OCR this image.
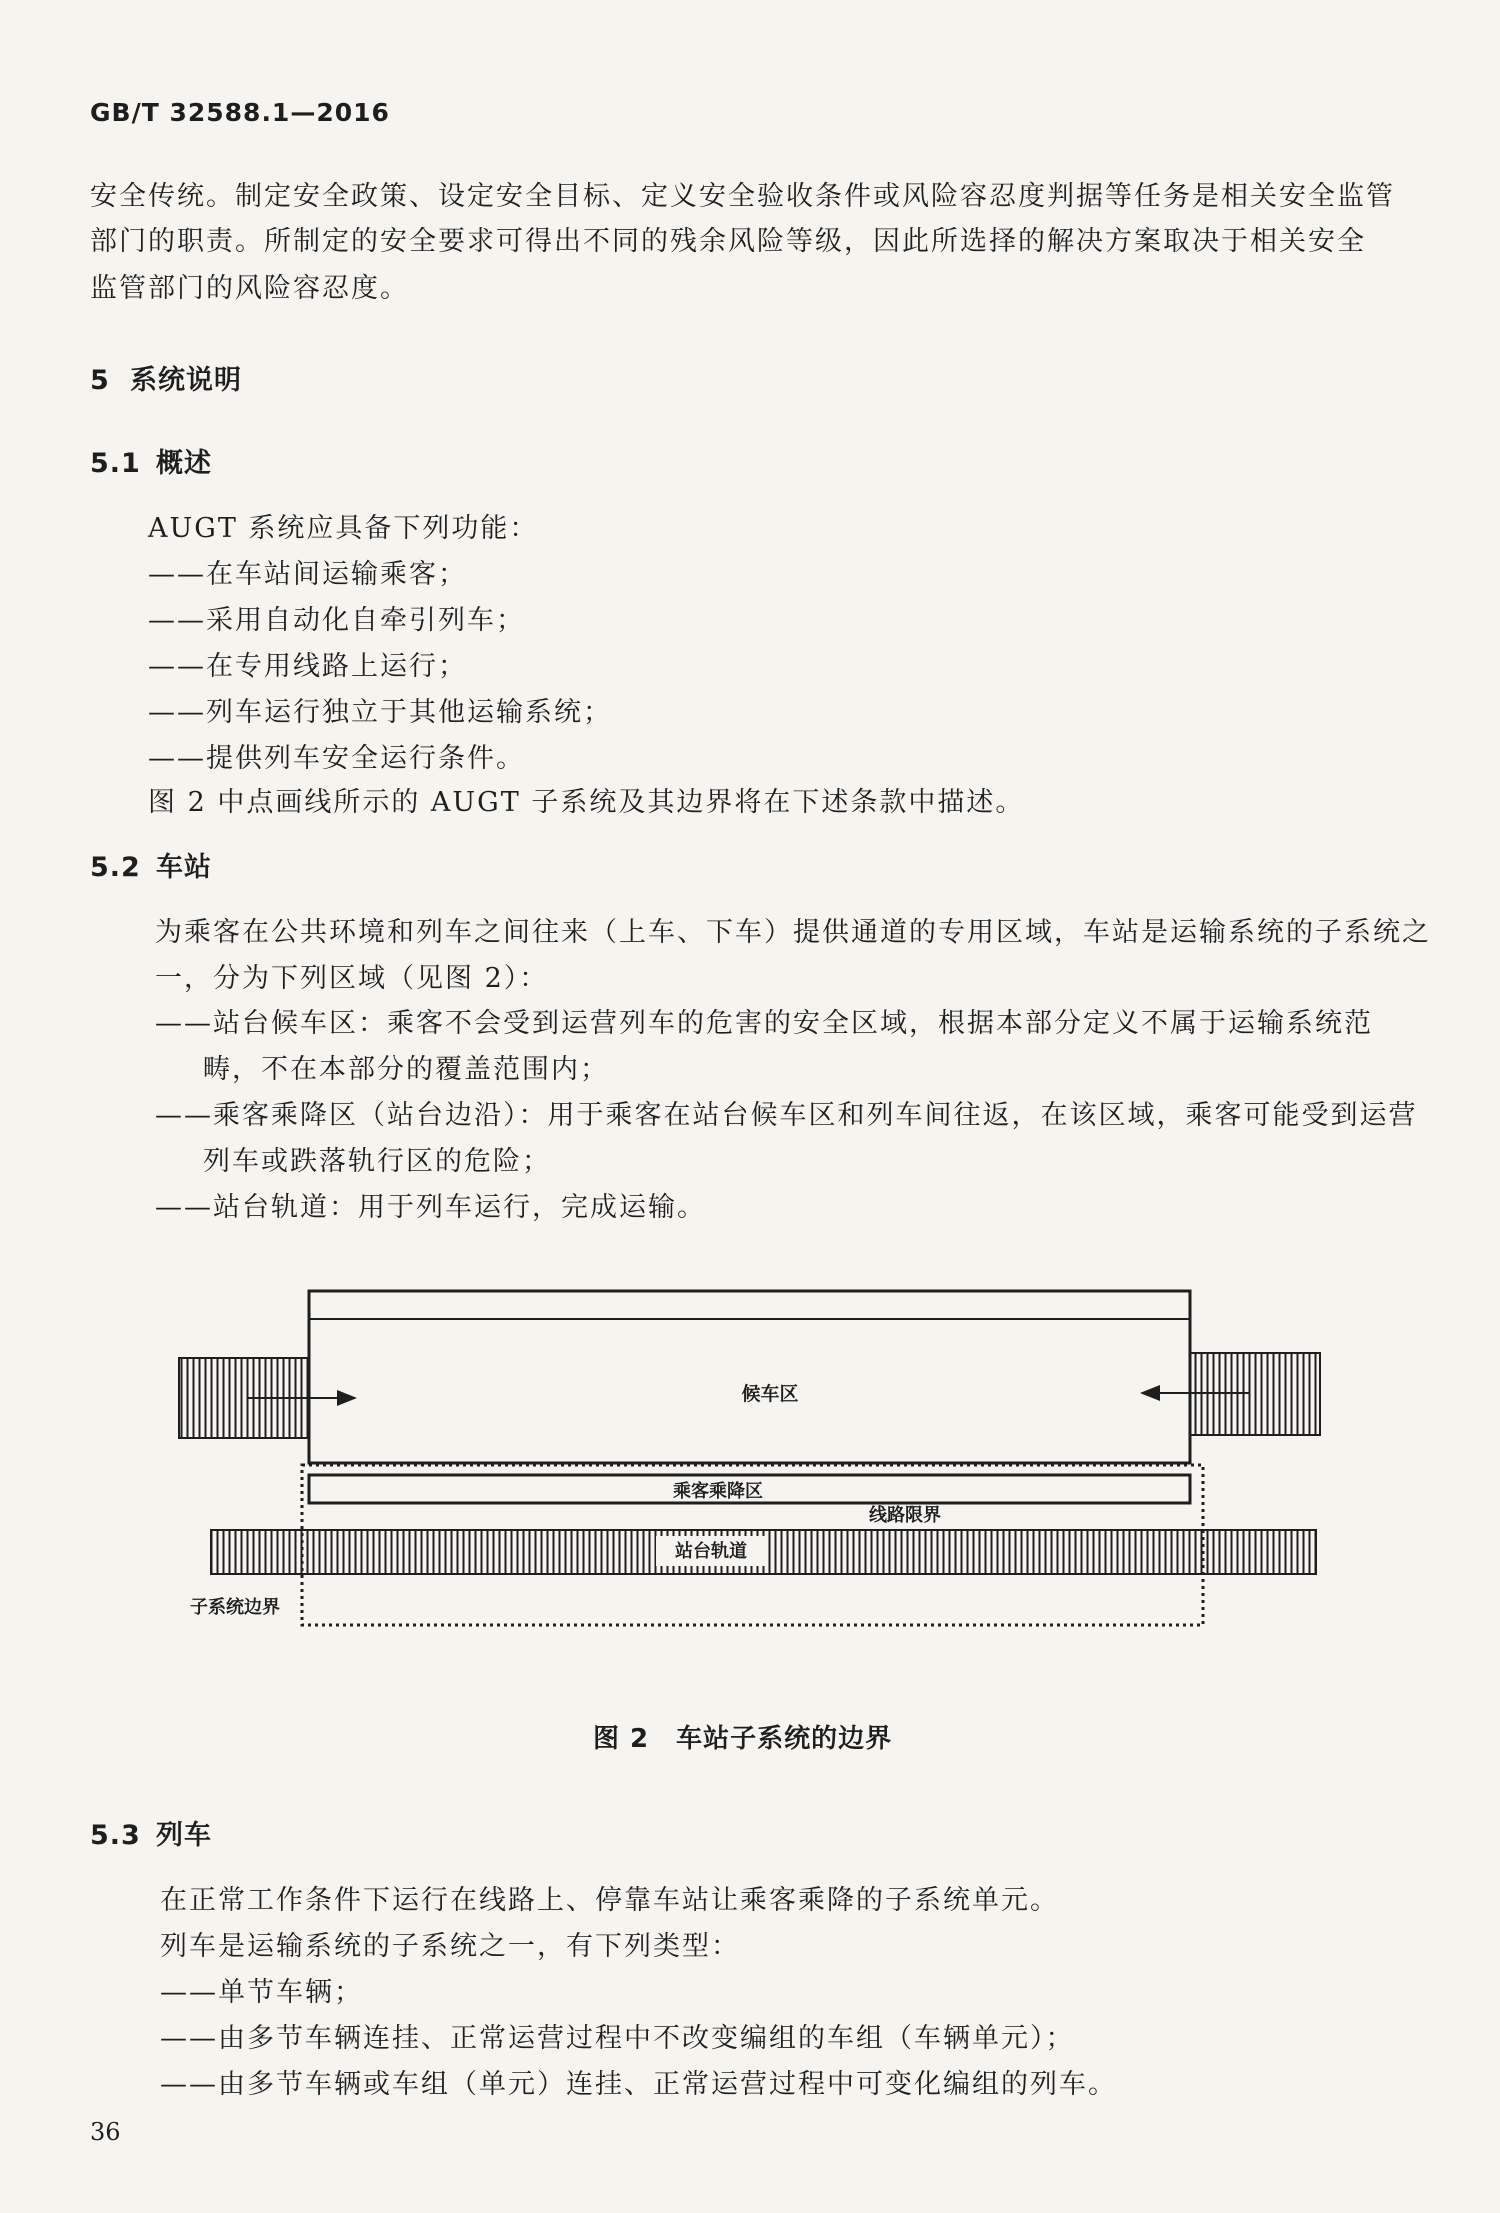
GB/T 32588.1—2016
安全传统。制定安全政策、设定安全目标、定义安全验收条件或风险容忍度判据等任务是相关安全监管
部门的职责。所制定的安全要求可得出不同的残余风险等级，因此所选择的解决方案取决于相关安全
监管部门的风险容忍度。
5 系统说明
5.1 概述
AUGT 系统应具备下列功能：
——在车站间运输乘客；
——采用自动化自牵引列车；
——在专用线路上运行；
——列车运行独立于其他运输系统；
——提供列车安全运行条件。
图 2 中点画线所示的 AUGT 子系统及其边界将在下述条款中描述。
5.2 车站
为乘客在公共环境和列车之间往来（上车、下车）提供通道的专用区域，车站是运输系统的子系统之
一，分为下列区域（见图 2）：
——站台候车区：乘客不会受到运营列车的危害的安全区域，根据本部分定义不属于运输系统范
畴，不在本部分的覆盖范围内；
——乘客乘降区（站台边沿）：用于乘客在站台候车区和列车间往返，在该区域，乘客可能受到运营
列车或跌落轨行区的危险；
——站台轨道：用于列车运行，完成运输。
候车区
乘客乘降区
线路限界
站台轨道
子系统边界
图 2　车站子系统的边界
5.3 列车
在正常工作条件下运行在线路上、停靠车站让乘客乘降的子系统单元。
列车是运输系统的子系统之一，有下列类型：
——单节车辆；
——由多节车辆连挂、正常运营过程中不改变编组的车组（车辆单元）；
——由多节车辆或车组（单元）连挂、正常运营过程中可变化编组的列车。
36
